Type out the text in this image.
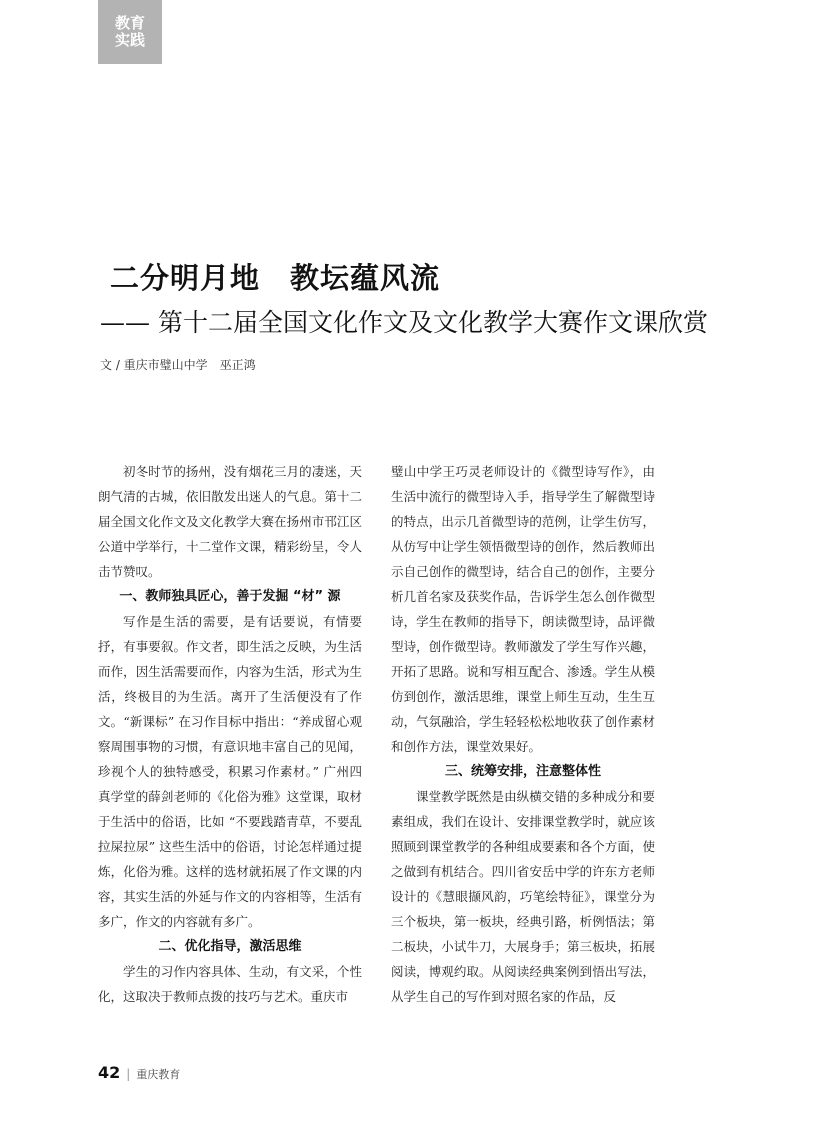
教育
实践
二分明月地　教坛蕴风流
—— 第十二届全国文化作文及文化教学大赛作文课欣赏
文 / 重庆市璧山中学　巫正鸿

初冬时节的扬州，没有烟花三月的凄迷，天朗气清的古城，依旧散发出迷人的气息。第十二届全国文化作文及文化教学大赛在扬州市邗江区公道中学举行，十二堂作文课，精彩纷呈，令人击节赞叹。

一、教师独具匠心，善于发掘 “材” 源

写作是生活的需要，是有话要说，有情要抒，有事要叙。作文者，即生活之反映，为生活而作，因生活需要而作，内容为生活，形式为生活，终极目的为生活。离开了生活便没有了作文。“新课标” 在习作目标中指出：“养成留心观察周围事物的习惯，有意识地丰富自己的见闻，珍视个人的独特感受，积累习作素材。” 广州四真学堂的薛剑老师的《化俗为雅》这堂课，取材于生活中的俗语，比如 “不要践踏青草，不要乱拉屎拉尿” 这些生活中的俗语，讨论怎样通过提炼，化俗为雅。这样的选材就拓展了作文课的内容，其实生活的外延与作文的内容相等，生活有多广，作文的内容就有多广。

二、优化指导，激活思维

学生的习作内容具体、生动，有文采，个性化，这取决于教师点拨的技巧与艺术。重庆市

璧山中学王巧灵老师设计的《微型诗写作》，由生活中流行的微型诗入手，指导学生了解微型诗的特点，出示几首微型诗的范例，让学生仿写，从仿写中让学生领悟微型诗的创作，然后教师出示自己创作的微型诗，结合自己的创作，主要分析几首名家及获奖作品，告诉学生怎么创作微型诗，学生在教师的指导下，朗读微型诗，品评微型诗，创作微型诗。教师激发了学生写作兴趣，开拓了思路。说和写相互配合、渗透。学生从模仿到创作，激活思维，课堂上师生互动，生生互动，气氛融洽，学生轻轻松松地收获了创作素材和创作方法，课堂效果好。

三、统筹安排，注意整体性

课堂教学既然是由纵横交错的多种成分和要素组成，我们在设计、安排课堂教学时，就应该照顾到课堂教学的各种组成要素和各个方面，使之做到有机结合。四川省安岳中学的许东方老师设计的《慧眼撷风韵，巧笔绘特征》，课堂分为三个板块，第一板块，经典引路，析例悟法；第二板块，小试牛刀，大展身手；第三板块，拓展阅读，博观约取。从阅读经典案例到悟出写法，从学生自己的写作到对照名家的作品，反

42 | 重庆教育
